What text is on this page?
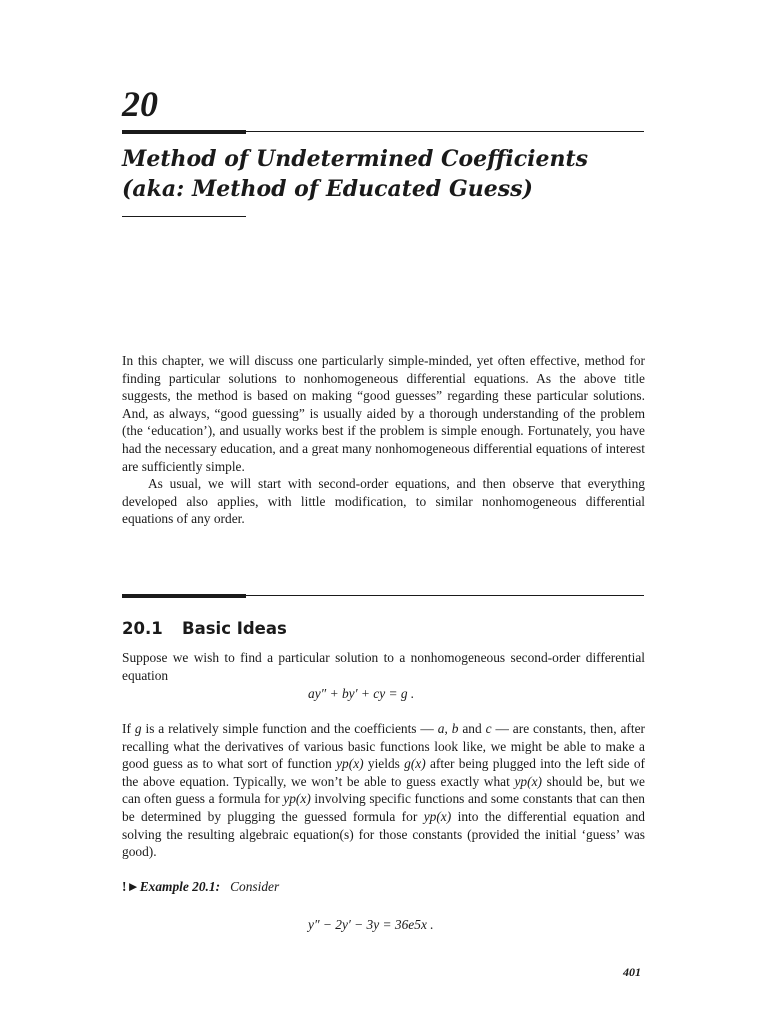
20
Method of Undetermined Coefficients
(aka: Method of Educated Guess)

In this chapter, we will discuss one particularly simple-minded, yet often effective, method for finding particular solutions to nonhomogeneous differential equations. As the above title suggests, the method is based on making “good guesses” regarding these particular solutions. And, as always, “good guessing” is usually aided by a thorough understanding of the problem (the ‘education’), and usually works best if the problem is simple enough. Fortunately, you have had the necessary education, and a great many nonhomogeneous differential equations of interest are sufficiently simple.

As usual, we will start with second-order equations, and then observe that everything developed also applies, with little modification, to similar nonhomogeneous differential equations of any order.

20.1 Basic Ideas
Suppose we wish to find a particular solution to a nonhomogeneous second-order differential equation
ay″ + by′ + cy = g .
If g is a relatively simple function and the coefficients — a, b and c — are constants, then, after recalling what the derivatives of various basic functions look like, we might be able to make a good guess as to what sort of function yp(x) yields g(x) after being plugged into the left side of the above equation. Typically, we won’t be able to guess exactly what yp(x) should be, but we can often guess a formula for yp(x) involving specific functions and some constants that can then be determined by plugging the guessed formula for yp(x) into the differential equation and solving the resulting algebraic equation(s) for those constants (provided the initial ‘guess’ was good).
!►Example 20.1: Consider
y″ − 2y′ − 3y = 36e5x .
401
